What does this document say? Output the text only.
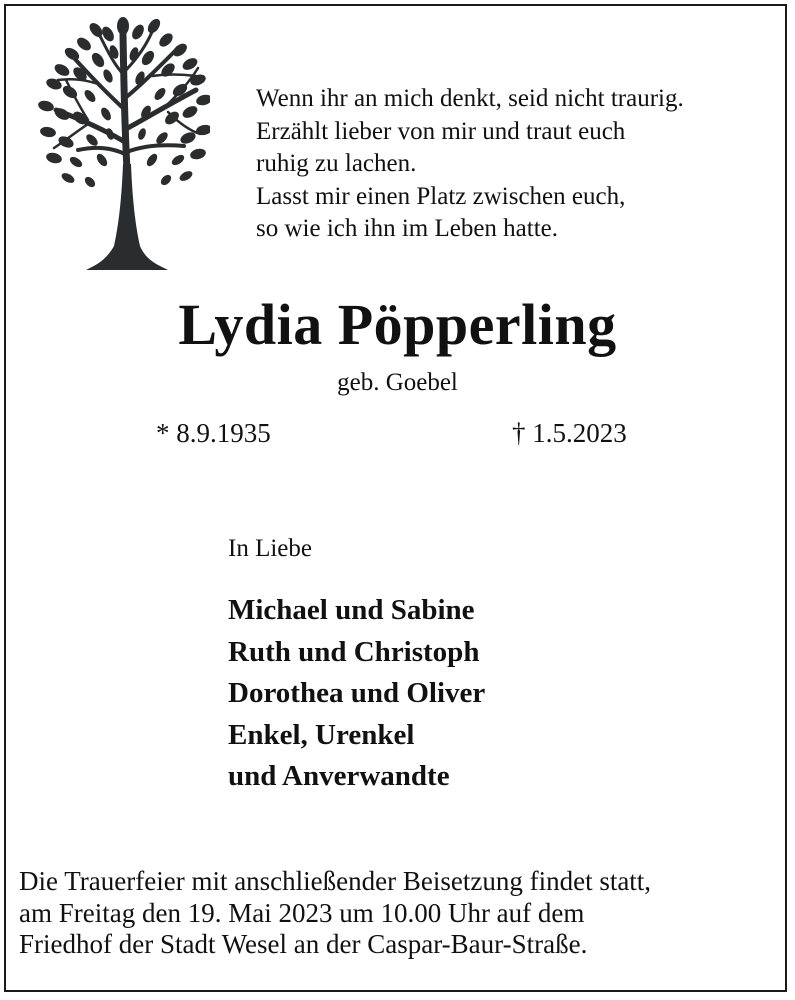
Wenn ihr an mich denkt, seid nicht traurig.
Erzählt lieber von mir und traut euch
ruhig zu lachen.
Lasst mir einen Platz zwischen euch,
so wie ich ihn im Leben hatte.
Lydia Pöpperling
geb. Goebel
* 8.9.1935	† 1.5.2023
In Liebe
Michael und Sabine
Ruth und Christoph
Dorothea und Oliver
Enkel, Urenkel
und Anverwandte
Die Trauerfeier mit anschließender Beisetzung findet statt,
am Freitag den 19. Mai 2023 um 10.00 Uhr auf dem
Friedhof der Stadt Wesel an der Caspar-Baur-Straße.
